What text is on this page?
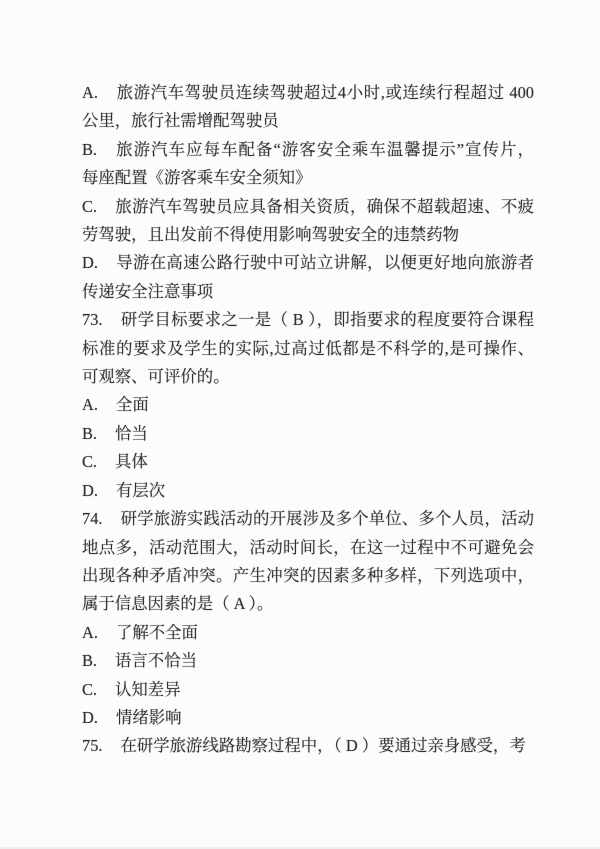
A. 旅游汽车驾驶员连续驾驶超过4小时,或连续行程超过 400
公里，旅行社需增配驾驶员
B. 旅游汽车应每车配备“游客安全乘车温馨提示”宣传片，
每座配置《游客乘车安全须知》
C. 旅游汽车驾驶员应具备相关资质，确保不超载超速、不疲
劳驾驶，且出发前不得使用影响驾驶安全的违禁药物
D. 导游在高速公路行驶中可站立讲解，以便更好地向旅游者
传递安全注意事项
73. 研学目标要求之一是（ B ），即指要求的程度要符合课程
标准的要求及学生的实际,过高过低都是不科学的,是可操作、
可观察、可评价的。
A. 全面
B. 恰当
C. 具体
D. 有层次
74. 研学旅游实践活动的开展涉及多个单位、多个人员，活动
地点多，活动范围大，活动时间长，在这一过程中不可避免会
出现各种矛盾冲突。产生冲突的因素多种多样，下列选项中，
属于信息因素的是（ A ）。
A. 了解不全面
B. 语言不恰当
C. 认知差异
D. 情绪影响
75. 在研学旅游线路勘察过程中，（ D ）要通过亲身感受，考
